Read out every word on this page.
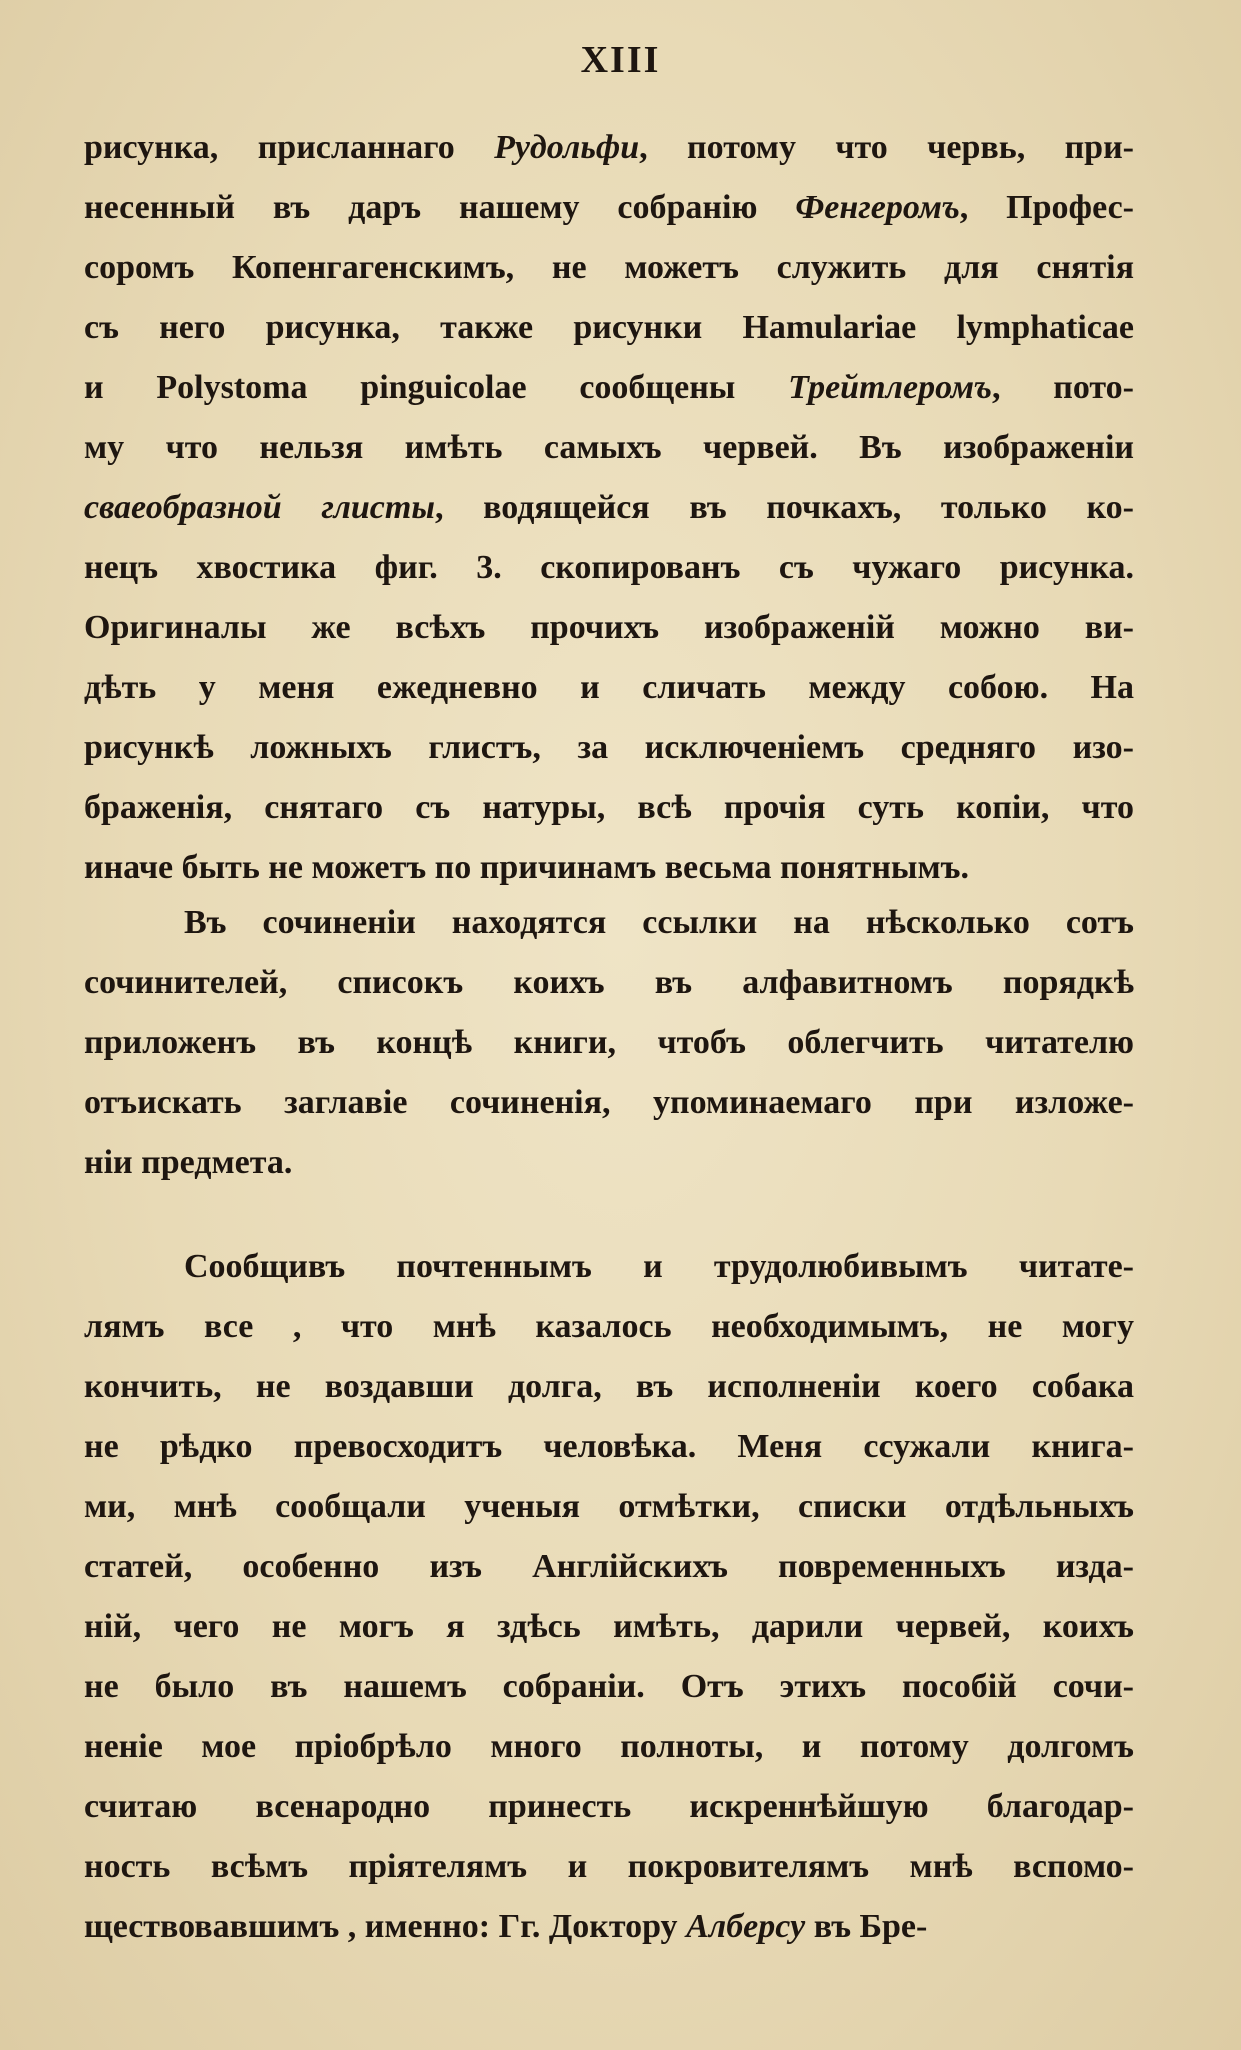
XIII
рисунка, присланнаго Рудольфи, потому что червь, при-
несенный въ даръ нашему собранію Фенгеромъ, Профес-
соромъ Копенгагенскимъ, не можетъ служить для снятія
съ него рисунка, также рисунки Hamulariae lymphaticae
и Polystoma pinguicolae сообщены Трейтлеромъ, пото-
му что нельзя имѣть самыхъ червей. Въ изображеніи
сваеобразной глисты, водящейся въ почкахъ, только ко-
нецъ хвостика фиг. 3. скопированъ съ чужаго рисунка.
Оригиналы же всѣхъ прочихъ изображеній можно ви-
дѣть у меня ежедневно и сличать между собою. На
рисункѣ ложныхъ глистъ, за исключеніемъ средняго изо-
браженія, снятаго съ натуры, всѣ прочія суть копіи, что
иначе быть не можетъ по причинамъ весьма понятнымъ.
Въ сочиненіи находятся ссылки на нѣсколько сотъ
сочинителей, списокъ коихъ въ алфавитномъ порядкѣ
приложенъ въ концѣ книги, чтобъ облегчить читателю
отъискать заглавіе сочиненія, упоминаемаго при изложе-
ніи предмета.
Сообщивъ почтеннымъ и трудолюбивымъ читате-
лямъ все , что мнѣ казалось необходимымъ, не могу
кончить, не воздавши долга, въ исполненіи коего собака
не рѣдко превосходитъ человѣка. Меня ссужали книга-
ми, мнѣ сообщали ученыя отмѣтки, списки отдѣльныхъ
статей, особенно изъ Англійскихъ повременныхъ изда-
ній, чего не могъ я здѣсь имѣть, дарили червей, коихъ
не было въ нашемъ собраніи. Отъ этихъ пособій сочи-
неніе мое пріобрѣло много полноты, и потому долгомъ
считаю всенародно принесть искреннѣйшую благодар-
ность всѣмъ пріятелямъ и покровителямъ мнѣ вспомо-
ществовавшимъ , именно: Гг. Доктору Алберсу въ Бре-
